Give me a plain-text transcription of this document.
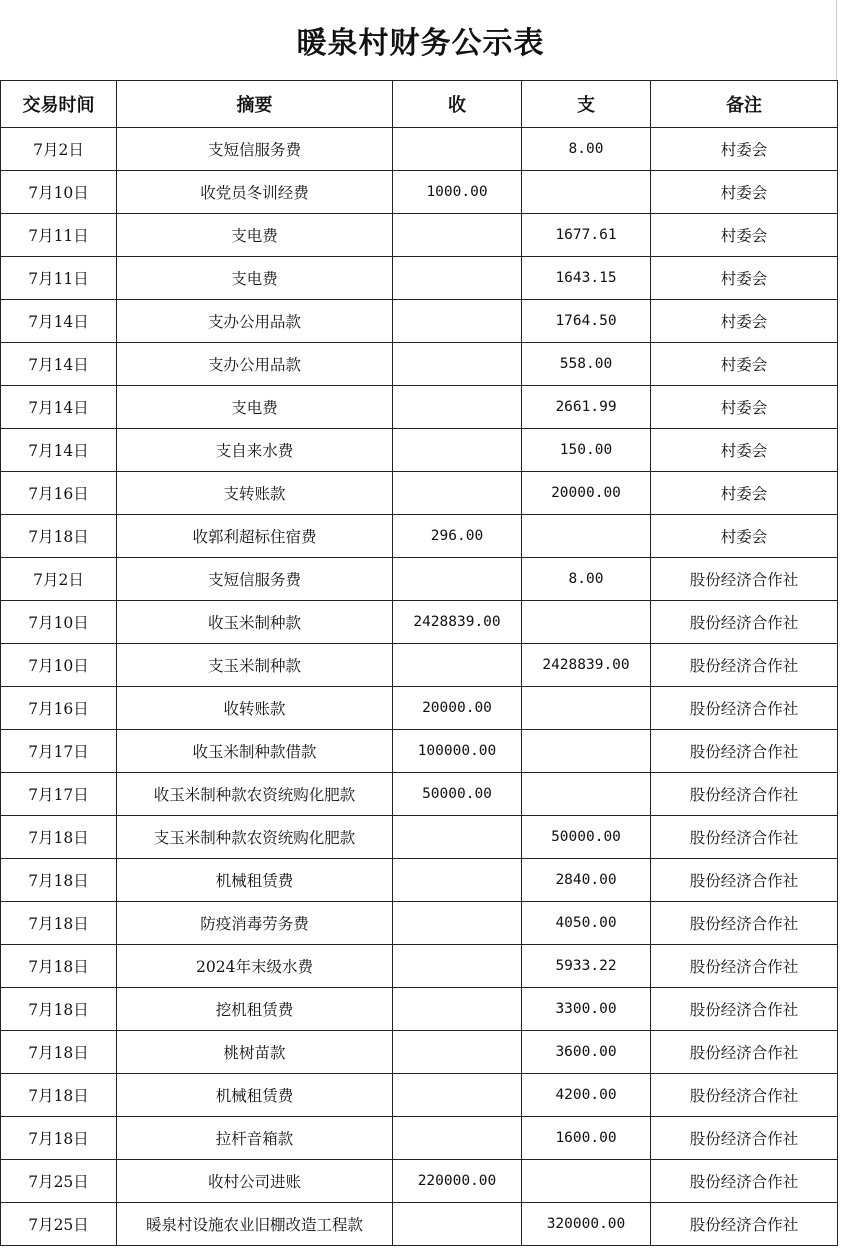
暖泉村财务公示表
交易时间	摘要	收	支	备注
7月2日	支短信服务费		8.00	村委会
7月10日	收党员冬训经费	1000.00		村委会
7月11日	支电费		1677.61	村委会
7月11日	支电费		1643.15	村委会
7月14日	支办公用品款		1764.50	村委会
7月14日	支办公用品款		558.00	村委会
7月14日	支电费		2661.99	村委会
7月14日	支自来水费		150.00	村委会
7月16日	支转账款		20000.00	村委会
7月18日	收郭利超标住宿费	296.00		村委会
7月2日	支短信服务费		8.00	股份经济合作社
7月10日	收玉米制种款	2428839.00		股份经济合作社
7月10日	支玉米制种款		2428839.00	股份经济合作社
7月16日	收转账款	20000.00		股份经济合作社
7月17日	收玉米制种款借款	100000.00		股份经济合作社
7月17日	收玉米制种款农资统购化肥款	50000.00		股份经济合作社
7月18日	支玉米制种款农资统购化肥款		50000.00	股份经济合作社
7月18日	机械租赁费		2840.00	股份经济合作社
7月18日	防疫消毒劳务费		4050.00	股份经济合作社
7月18日	2024年末级水费		5933.22	股份经济合作社
7月18日	挖机租赁费		3300.00	股份经济合作社
7月18日	桃树苗款		3600.00	股份经济合作社
7月18日	机械租赁费		4200.00	股份经济合作社
7月18日	拉杆音箱款		1600.00	股份经济合作社
7月25日	收村公司进账	220000.00		股份经济合作社
7月25日	暖泉村设施农业旧棚改造工程款		320000.00	股份经济合作社
